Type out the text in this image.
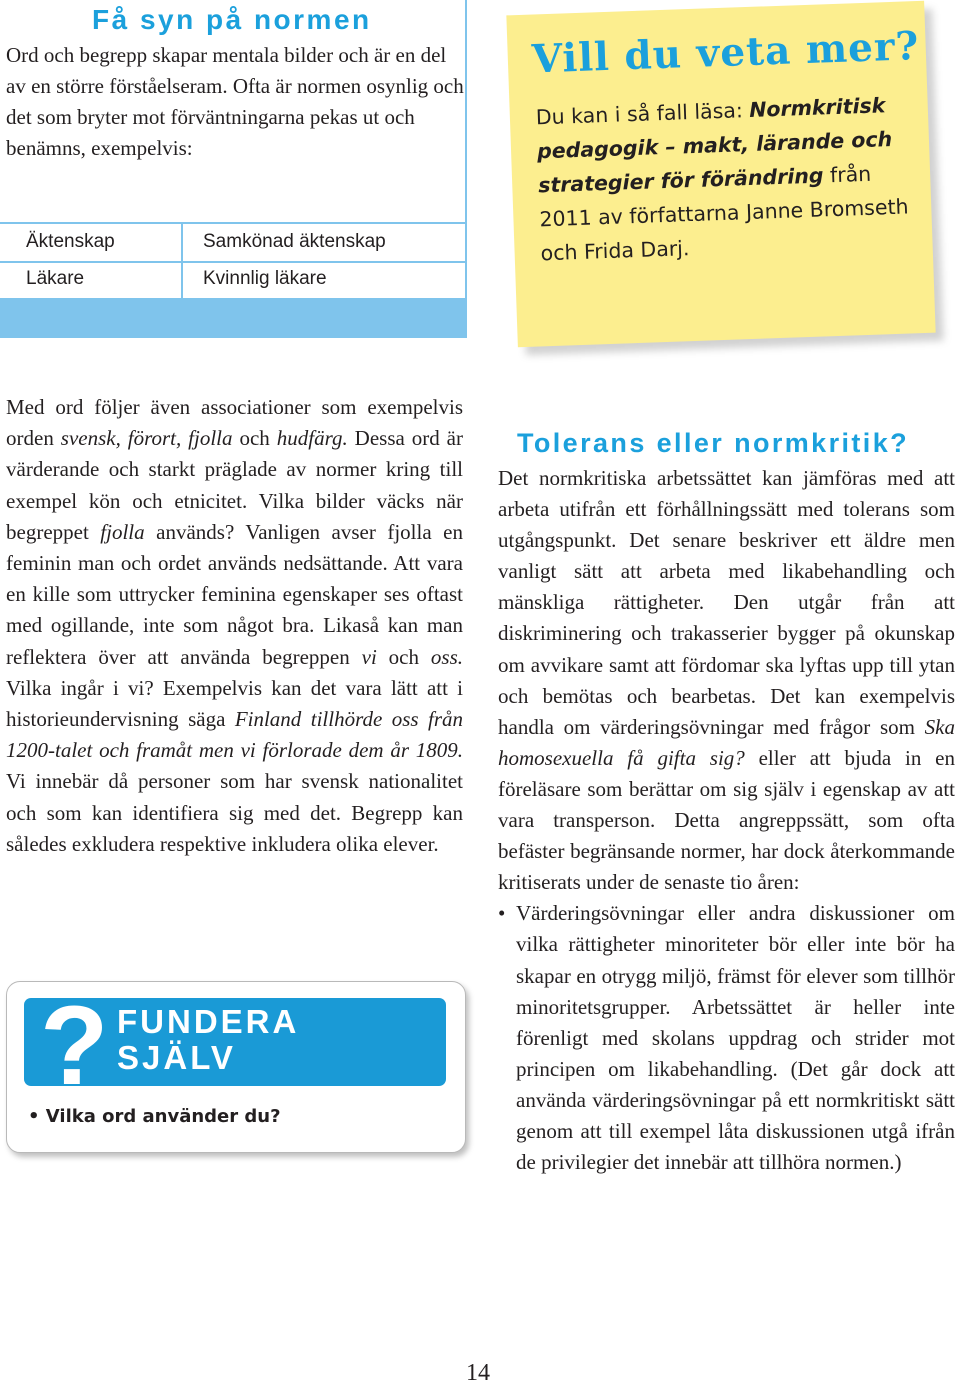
Få syn på normen
Ord och begrepp skapar mentala bilder och är en del av en större förståelseram. Ofta är normen osynlig och det som bryter mot förväntningarna pekas ut och benämns, exempelvis:
Äktenskap	Samkönad äktenskap
Läkare	Kvinnlig läkare
Vill du veta mer?
Du kan i så fall läsa: Normkritisk pedagogik – makt, lärande och strategier för förändring från 2011 av författarna Janne Bromseth och Frida Darj.

Med ord följer även associationer som exempelvis orden svensk, förort, fjolla och hudfärg. Dessa ord är värderande och starkt präglade av normer kring till exempel kön och etnicitet. Vilka bilder väcks när begreppet fjolla används? Vanligen avser fjolla en feminin man och ordet används nedsättande. Att vara en kille som uttrycker feminina egenskaper ses oftast med ogillande, inte som något bra. Likaså kan man reflektera över att använda begreppen vi och oss. Vilka ingår i vi? Exempelvis kan det vara lätt att i historieundervisning säga Finland tillhörde oss från 1200-talet och framåt men vi förlorade dem år 1809. Vi innebär då personer som har svensk nationalitet och som kan identifiera sig med det. Begrepp kan således exkludera respektive inkludera olika elever.

? FUNDERA
SJÄLV
• Vilka ord använder du?
Tolerans eller normkritik?

Det normkritiska arbetssättet kan jämföras med att arbeta utifrån ett förhållningssätt med tolerans som utgångspunkt. Det senare beskriver ett äldre men vanligt sätt att arbeta med likabehandling och mänskliga rättigheter. Den utgår från att diskriminering och trakasserier bygger på okunskap om avvikare samt att fördomar ska lyftas upp till ytan och bemötas och bearbetas. Det kan exempelvis handla om värderingsövningar med frågor som Ska homosexuella få gifta sig? eller att bjuda in en föreläsare som berättar om sig själv i egenskap av att vara transperson. Detta angreppssätt, som ofta befäster begränsande normer, har dock återkommande kritiserats under de senaste tio åren:

• Värderingsövningar eller andra diskussioner om vilka rättigheter minoriteter bör eller inte bör ha skapar en otrygg miljö, främst för elever som tillhör minoritetsgrupper. Arbetssättet är heller inte förenligt med skolans uppdrag och strider mot principen om likabehandling. (Det går dock att använda värderingsövningar på ett normkritiskt sätt genom att till exempel låta diskussionen utgå ifrån de privilegier det innebär att tillhöra normen.)
14
